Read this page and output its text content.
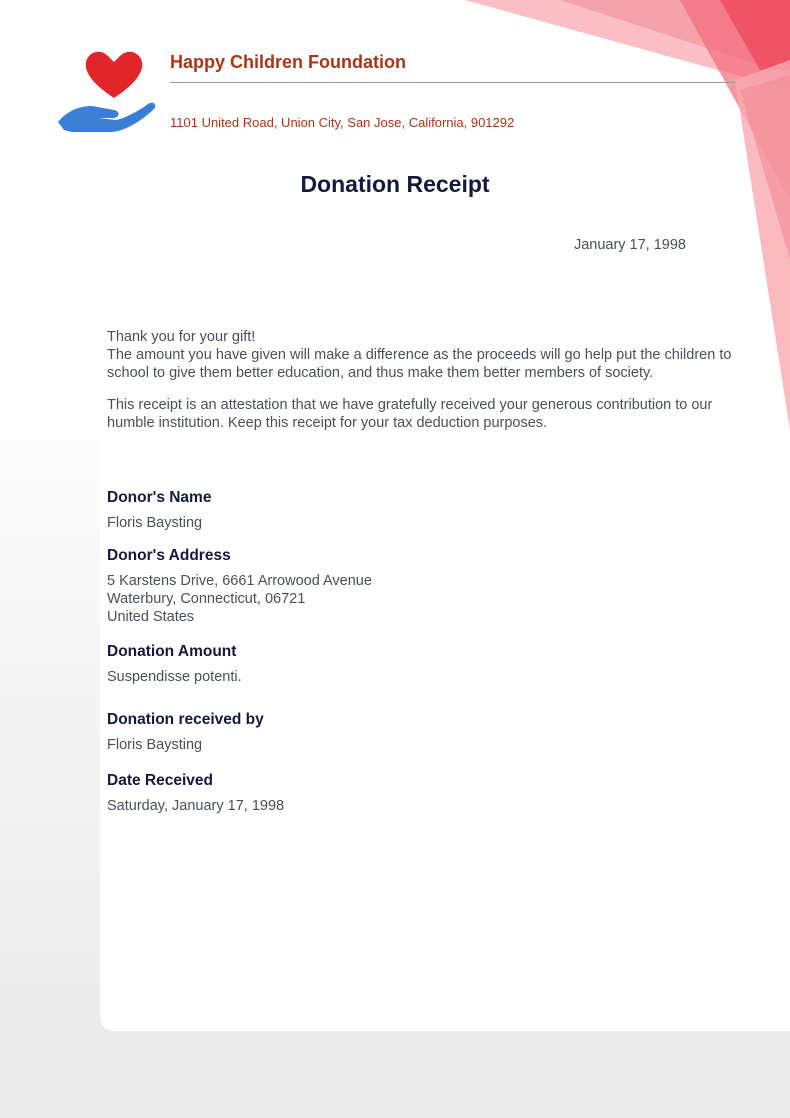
Happy Children Foundation
1101 United Road, Union City, San Jose, California, 901292
Donation Receipt
January 17, 1998
Thank you for your gift!
The amount you have given will make a difference as the proceeds will go help put the children to school to give them better education, and thus make them better members of society.
This receipt is an attestation that we have gratefully received your generous contribution to our humble institution. Keep this receipt for your tax deduction purposes.
Donor's Name
Floris Baysting
Donor's Address
5 Karstens Drive, 6661 Arrowood Avenue
Waterbury, Connecticut, 06721
United States
Donation Amount
Suspendisse potenti.
Donation received by
Floris Baysting
Date Received
Saturday, January 17, 1998
